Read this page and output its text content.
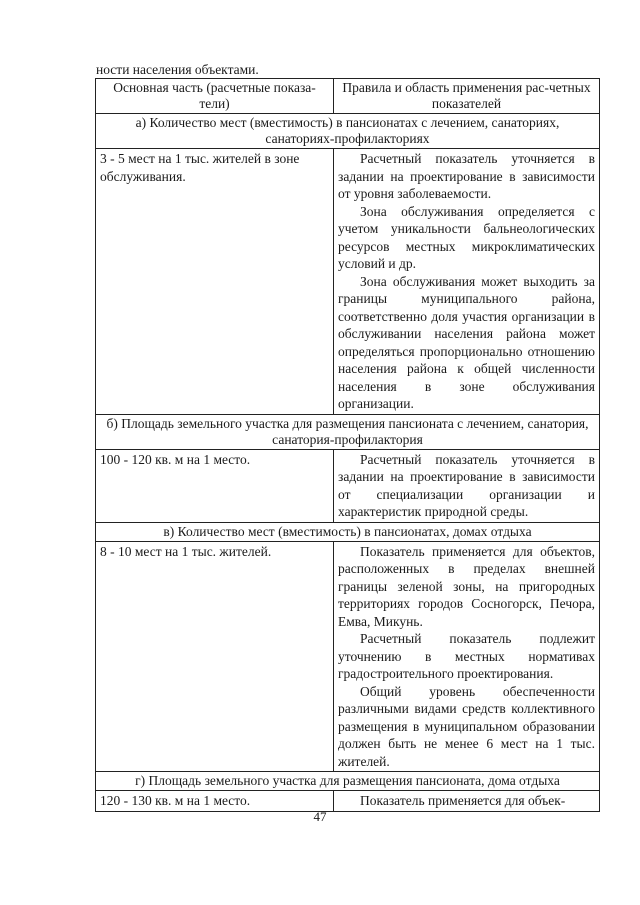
ности населения объектами.
Основная часть (расчетные показа-тели)	Правила и область применения рас-четных показателей
а) Количество мест (вместимость) в пансионатах с лечением, санаториях, санаториях-профилакториях	
3 - 5 мест на 1 тыс. жителей в зоне обслуживания.	Расчетный показатель уточняется в задании на проектирование в зависимости от уровня заболеваемости.

Зона обслуживания определяется с учетом уникальности бальнеологических ресурсов местных микроклиматических условий и др.

Зона обслуживания может выходить за границы муниципального района, соответственно доля участия организации в обслуживании населения района может определяться пропорционально отношению населения района к общей численности населения в зоне обслуживания организации.

б) Площадь земельного участка для размещения пансионата с лечением, санатория, санатория-профилактория	
100 - 120 кв. м на 1 место.	Расчетный показатель уточняется в задании на проектирование в зависимости от специализации организации и характеристик природной среды.

в) Количество мест (вместимость) в пансионатах, домах отдыха	
8 - 10 мест на 1 тыс. жителей.	Показатель применяется для объектов, расположенных в пределах внешней границы зеленой зоны, на пригородных территориях городов Сосногорск, Печора, Емва, Микунь.

Расчетный показатель подлежит уточнению в местных нормативах градостроительного проектирования.

Общий уровень обеспеченности различными видами средств коллективного размещения в муниципальном образовании должен быть не менее 6 мест на 1 тыс. жителей.

г) Площадь земельного участка для размещения пансионата, дома отдыха	
120 - 130 кв. м на 1 место.	Показатель применяется для объек-

47
